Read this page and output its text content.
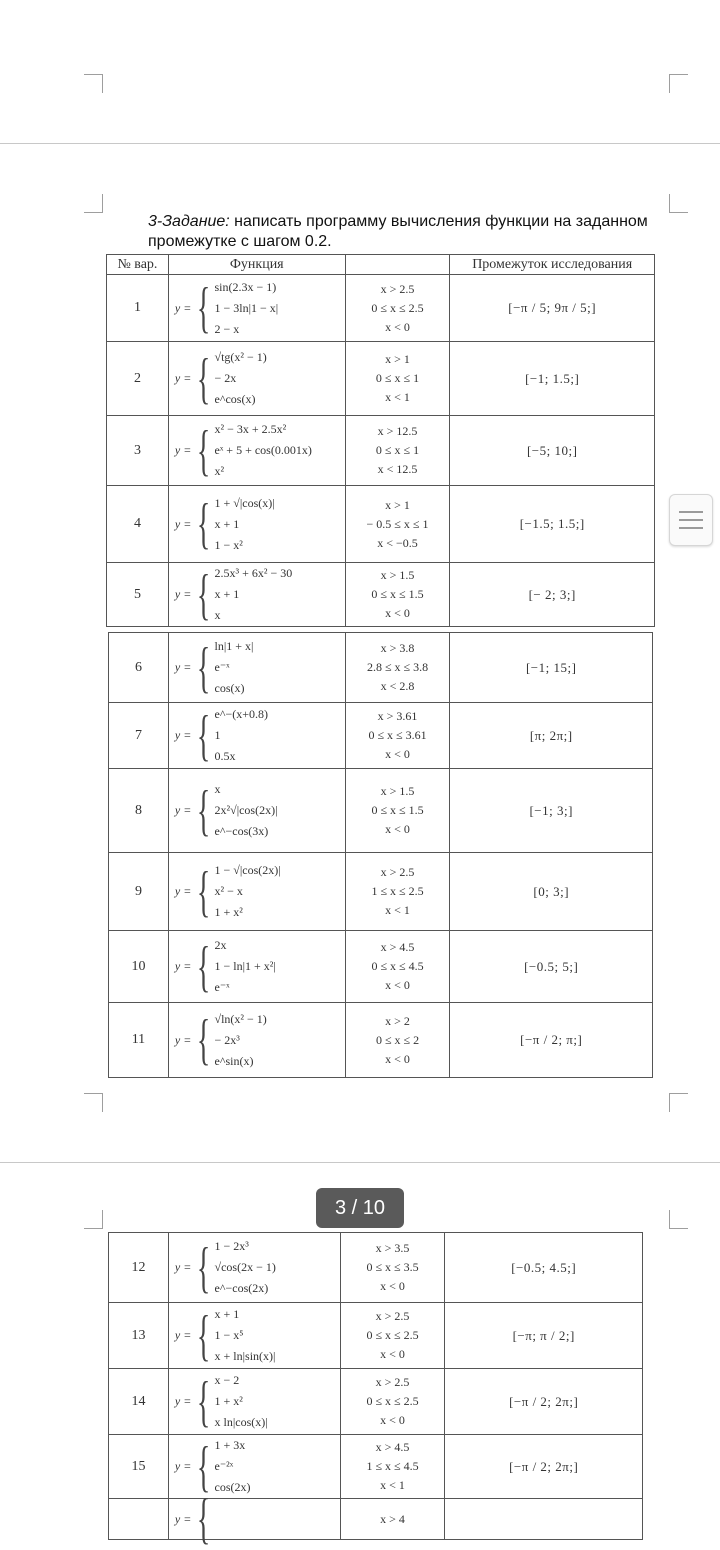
3-Задание: написать программу вычисления функции на заданном промежутке с шагом 0.2.
№ вар.	Функция		Промежуток исследования
1	y = { sin(2.3x − 1)
1 − 3ln|1 − x|
2 − x	x > 2.5
0 ≤ x ≤ 2.5
x < 0	[−π / 5; 9π / 5;]
2	y = { √tg(x² − 1)
− 2x
e^cos(x)	x > 1
0 ≤ x ≤ 1
x < 1	[−1; 1.5;]
3	y = { x² − 3x + 2.5x²
eˣ + 5 + cos(0.001x)
x²	x > 12.5
0 ≤ x ≤ 1
x < 12.5	[−5; 10;]
4	y = { 1 + √|cos(x)|
x + 1
1 − x²	x > 1
− 0.5 ≤ x ≤ 1
x < −0.5	[−1.5; 1.5;]
5	y = { 2.5x³ + 6x² − 30
x + 1
x	x > 1.5
0 ≤ x ≤ 1.5
x < 0	[− 2; 3;]
6	y = { ln|1 + x|
e⁻ˣ
cos(x)	x > 3.8
2.8 ≤ x ≤ 3.8
x < 2.8	[−1; 15;]
7	y = { e^−(x+0.8)
1
0.5x	x > 3.61
0 ≤ x ≤ 3.61
x < 0	[π; 2π;]
8	y = { x
2x²√|cos(2x)|
e^−cos(3x)	x > 1.5
0 ≤ x ≤ 1.5
x < 0	[−1; 3;]
9	y = { 1 − √|cos(2x)|
x² − x
1 + x²	x > 2.5
1 ≤ x ≤ 2.5
x < 1	[0; 3;]
10	y = { 2x
1 − ln|1 + x²|
e⁻ˣ	x > 4.5
0 ≤ x ≤ 4.5
x < 0	[−0.5; 5;]
11	y = { √ln(x² − 1)
− 2x³
e^sin(x)	x > 2
0 ≤ x ≤ 2
x < 0	[−π / 2; π;]
12	y = { 1 − 2x³
√cos(2x − 1)
e^−cos(2x)	x > 3.5
0 ≤ x ≤ 3.5
x < 0	[−0.5; 4.5;]
13	y = { x + 1
1 − x⁵
x + ln|sin(x)|	x > 2.5
0 ≤ x ≤ 2.5
x < 0	[−π; π / 2;]
14	y = { x − 2
1 + x²
x ln|cos(x)|	x > 2.5
0 ≤ x ≤ 2.5
x < 0	[−π / 2; 2π;]
15	y = { 1 + 3x
e⁻²ˣ
cos(2x)	x > 4.5
1 ≤ x ≤ 4.5
x < 1	[−π / 2; 2π;]

	y = {	x > 4	

3 / 10
